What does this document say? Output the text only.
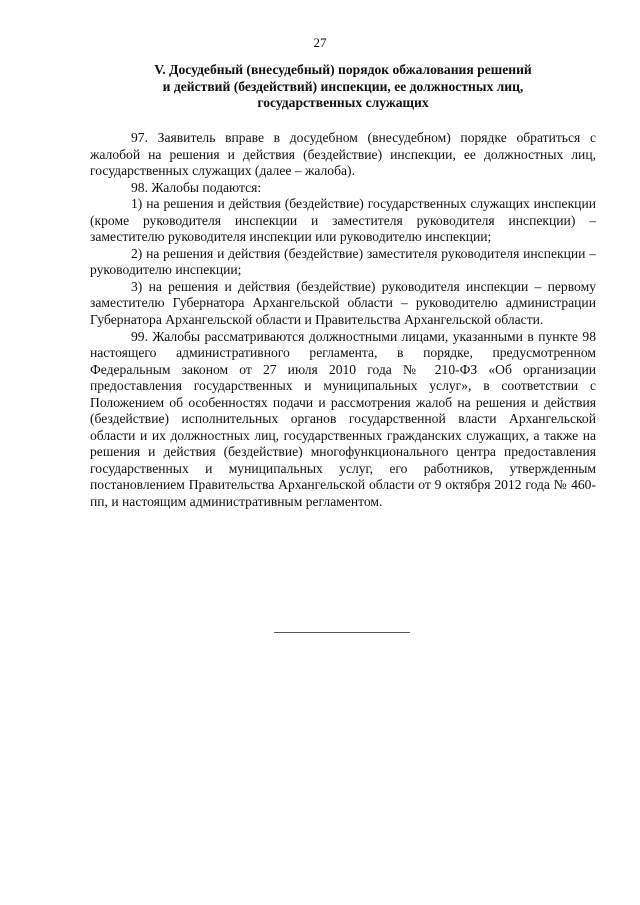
27
V. Досудебный (внесудебный) порядок обжалования решений
и действий (бездействий) инспекции, ее должностных лиц,
государственных служащих

97. Заявитель вправе в досудебном (внесудебном) порядке обратиться с жалобой на решения и действия (бездействие) инспекции, ее должностных лиц, государственных служащих (далее – жалоба).

98. Жалобы подаются:

1) на решения и действия (бездействие) государственных служащих инспекции (кроме руководителя инспекции и заместителя руководителя инспекции) – заместителю руководителя инспекции или руководителю инспекции;

2) на решения и действия (бездействие) заместителя руководителя инспекции – руководителю инспекции;

3) на решения и действия (бездействие) руководителя инспекции – первому заместителю Губернатора Архангельской области – руководителю администрации Губернатора Архангельской области и Правительства Архангельской области.

99. Жалобы рассматриваются должностными лицами, указанными в пункте 98 настоящего административного регламента, в порядке, предусмотренном Федеральным законом от 27 июля 2010 года № 210-ФЗ «Об организации предоставления государственных и муниципальных услуг», в соответствии с Положением об особенностях подачи и рассмотрения жалоб на решения и действия (бездействие) исполнительных органов государственной власти Архангельской области и их должностных лиц, государственных гражданских служащих, а также на решения и действия (бездействие) многофункционального центра предоставления государственных и муниципальных услуг, его работников, утвержденным постановлением Правительства Архангельской области от 9 октября 2012 года № 460-пп, и настоящим административным регламентом.
